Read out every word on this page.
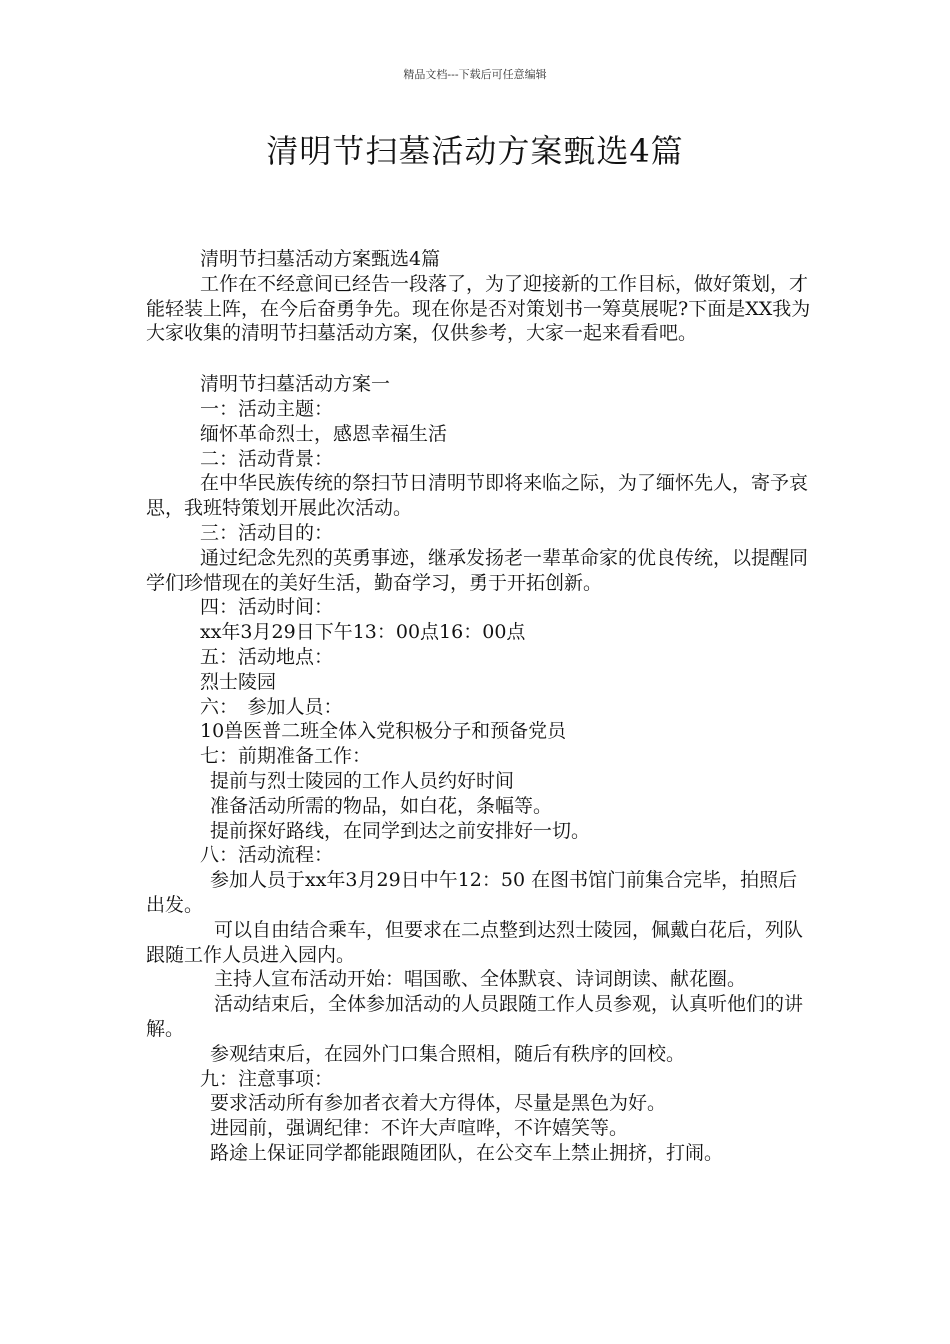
精品文档---下载后可任意编辑
清明节扫墓活动方案甄选4篇
清明节扫墓活动方案甄选4篇
工作在不经意间已经告一段落了，为了迎接新的工作目标，做好策划，才能轻装上阵，在今后奋勇争先。现在你是否对策划书一筹莫展呢?下面是XX我为大家收集的清明节扫墓活动方案，仅供参考，大家一起来看看吧。
清明节扫墓活动方案一
一：活动主题：
缅怀革命烈士，感恩幸福生活
二：活动背景：
在中华民族传统的祭扫节日清明节即将来临之际，为了缅怀先人，寄予哀思，我班特策划开展此次活动。
三：活动目的：
通过纪念先烈的英勇事迹，继承发扬老一辈革命家的优良传统，以提醒同学们珍惜现在的美好生活，勤奋学习，勇于开拓创新。
四：活动时间：
xx年3月29日下午13：00点16：00点
五：活动地点：
烈士陵园
六：　参加人员：
10兽医普二班全体入党积极分子和预备党员
七：前期准备工作：
提前与烈士陵园的工作人员约好时间
准备活动所需的物品，如白花，条幅等。
提前探好路线，在同学到达之前安排好一切。
八：活动流程：
参加人员于xx年3月29日中午12：50 在图书馆门前集合完毕，拍照后出发。
可以自由结合乘车，但要求在二点整到达烈士陵园，佩戴白花后，列队跟随工作人员进入园内。
主持人宣布活动开始：唱国歌、全体默哀、诗词朗读、献花圈。
活动结束后，全体参加活动的人员跟随工作人员参观，认真听他们的讲解。
参观结束后，在园外门口集合照相，随后有秩序的回校。
九：注意事项：
要求活动所有参加者衣着大方得体，尽量是黑色为好。
进园前，强调纪律：不许大声喧哗，不许嬉笑等。
路途上保证同学都能跟随团队，在公交车上禁止拥挤，打闹。
